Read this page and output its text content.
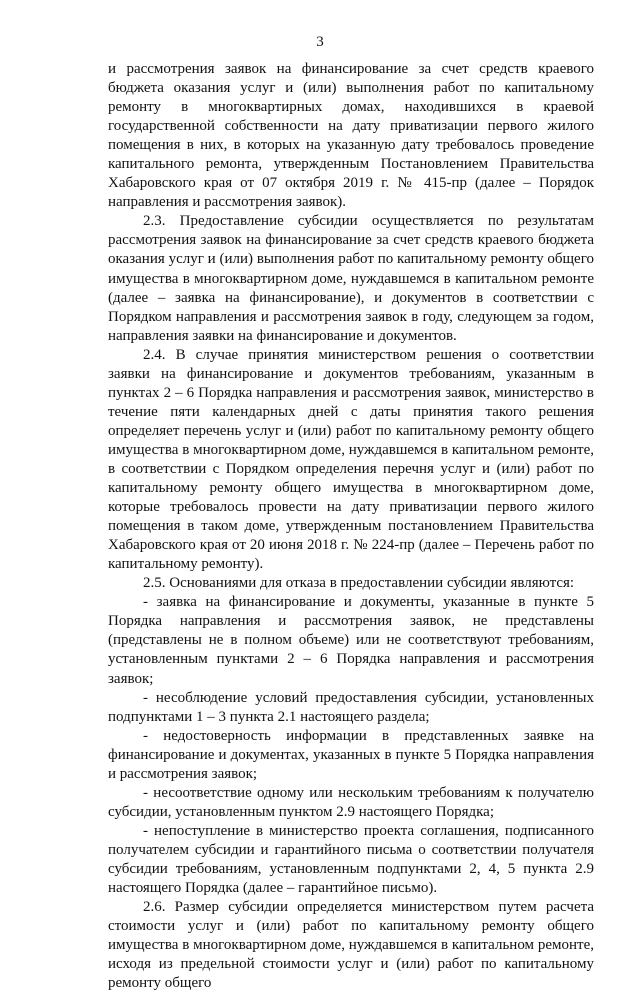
3

и рассмотрения заявок на финансирование за счет средств краевого бюджета оказания услуг и (или) выполнения работ по капитальному ремонту в многоквартирных домах, находившихся в краевой государственной собственности на дату приватизации первого жилого помещения в них, в которых на указанную дату требовалось проведение капитального ремонта, утвержденным Постановлением Правительства Хабаровского края от 07 октября 2019 г. № 415-пр (далее – Порядок направления и рассмотрения заявок).

2.3. Предоставление субсидии осуществляется по результатам рассмотрения заявок на финансирование за счет средств краевого бюджета оказания услуг и (или) выполнения работ по капитальному ремонту общего имущества в многоквартирном доме, нуждавшемся в капитальном ремонте (далее – заявка на финансирование), и документов в соответствии с Порядком направления и рассмотрения заявок в году, следующем за годом, направления заявки на финансирование и документов.

2.4. В случае принятия министерством решения о соответствии заявки на финансирование и документов требованиям, указанным в пунктах 2 – 6 Порядка направления и рассмотрения заявок, министерство в течение пяти календарных дней с даты принятия такого решения определяет перечень услуг и (или) работ по капитальному ремонту общего имущества в многоквартирном доме, нуждавшемся в капитальном ремонте, в соответствии с Порядком определения перечня услуг и (или) работ по капитальному ремонту общего имущества в многоквартирном доме, которые требовалось провести на дату приватизации первого жилого помещения в таком доме, утвержденным постановлением Правительства Хабаровского края от 20 июня 2018 г. № 224-пр (далее – Перечень работ по капитальному ремонту).

2.5. Основаниями для отказа в предоставлении субсидии являются:

- заявка на финансирование и документы, указанные в пункте 5 Порядка направления и рассмотрения заявок, не представлены (представлены не в полном объеме) или не соответствуют требованиям, установленным пунктами 2 – 6 Порядка направления и рассмотрения заявок;

- несоблюдение условий предоставления субсидии, установленных подпунктами 1 – 3 пункта 2.1 настоящего раздела;

- недостоверность информации в представленных заявке на финансирование и документах, указанных в пункте 5 Порядка направления и рассмотрения заявок;

- несоответствие одному или нескольким требованиям к получателю субсидии, установленным пунктом 2.9 настоящего Порядка;

- непоступление в министерство проекта соглашения, подписанного получателем субсидии и гарантийного письма о соответствии получателя субсидии требованиям, установленным подпунктами 2, 4, 5 пункта 2.9 настоящего Порядка (далее – гарантийное письмо).

2.6. Размер субсидии определяется министерством путем расчета стоимости услуг и (или) работ по капитальному ремонту общего имущества в многоквартирном доме, нуждавшемся в капитальном ремонте, исходя из предельной стоимости услуг и (или) работ по капитальному ремонту общего
